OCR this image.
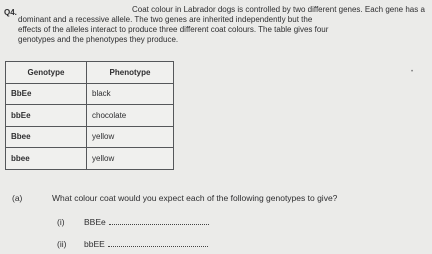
Q4.	Coat colour in Labrador dogs is controlled by two different genes. Each gene has a
dominant and a recessive allele. The two genes are inherited independently but the
effects of the alleles interact to produce three different coat colours. The table gives four
genotypes and the phenotypes they produce.
Genotype	Phenotype
BbEe	black
bbEe	chocolate
Bbee	yellow
bbee	yellow
•
(a)	What colour coat would you expect each of the following genotypes to give?
(i) BBEe
(ii) bbEE
